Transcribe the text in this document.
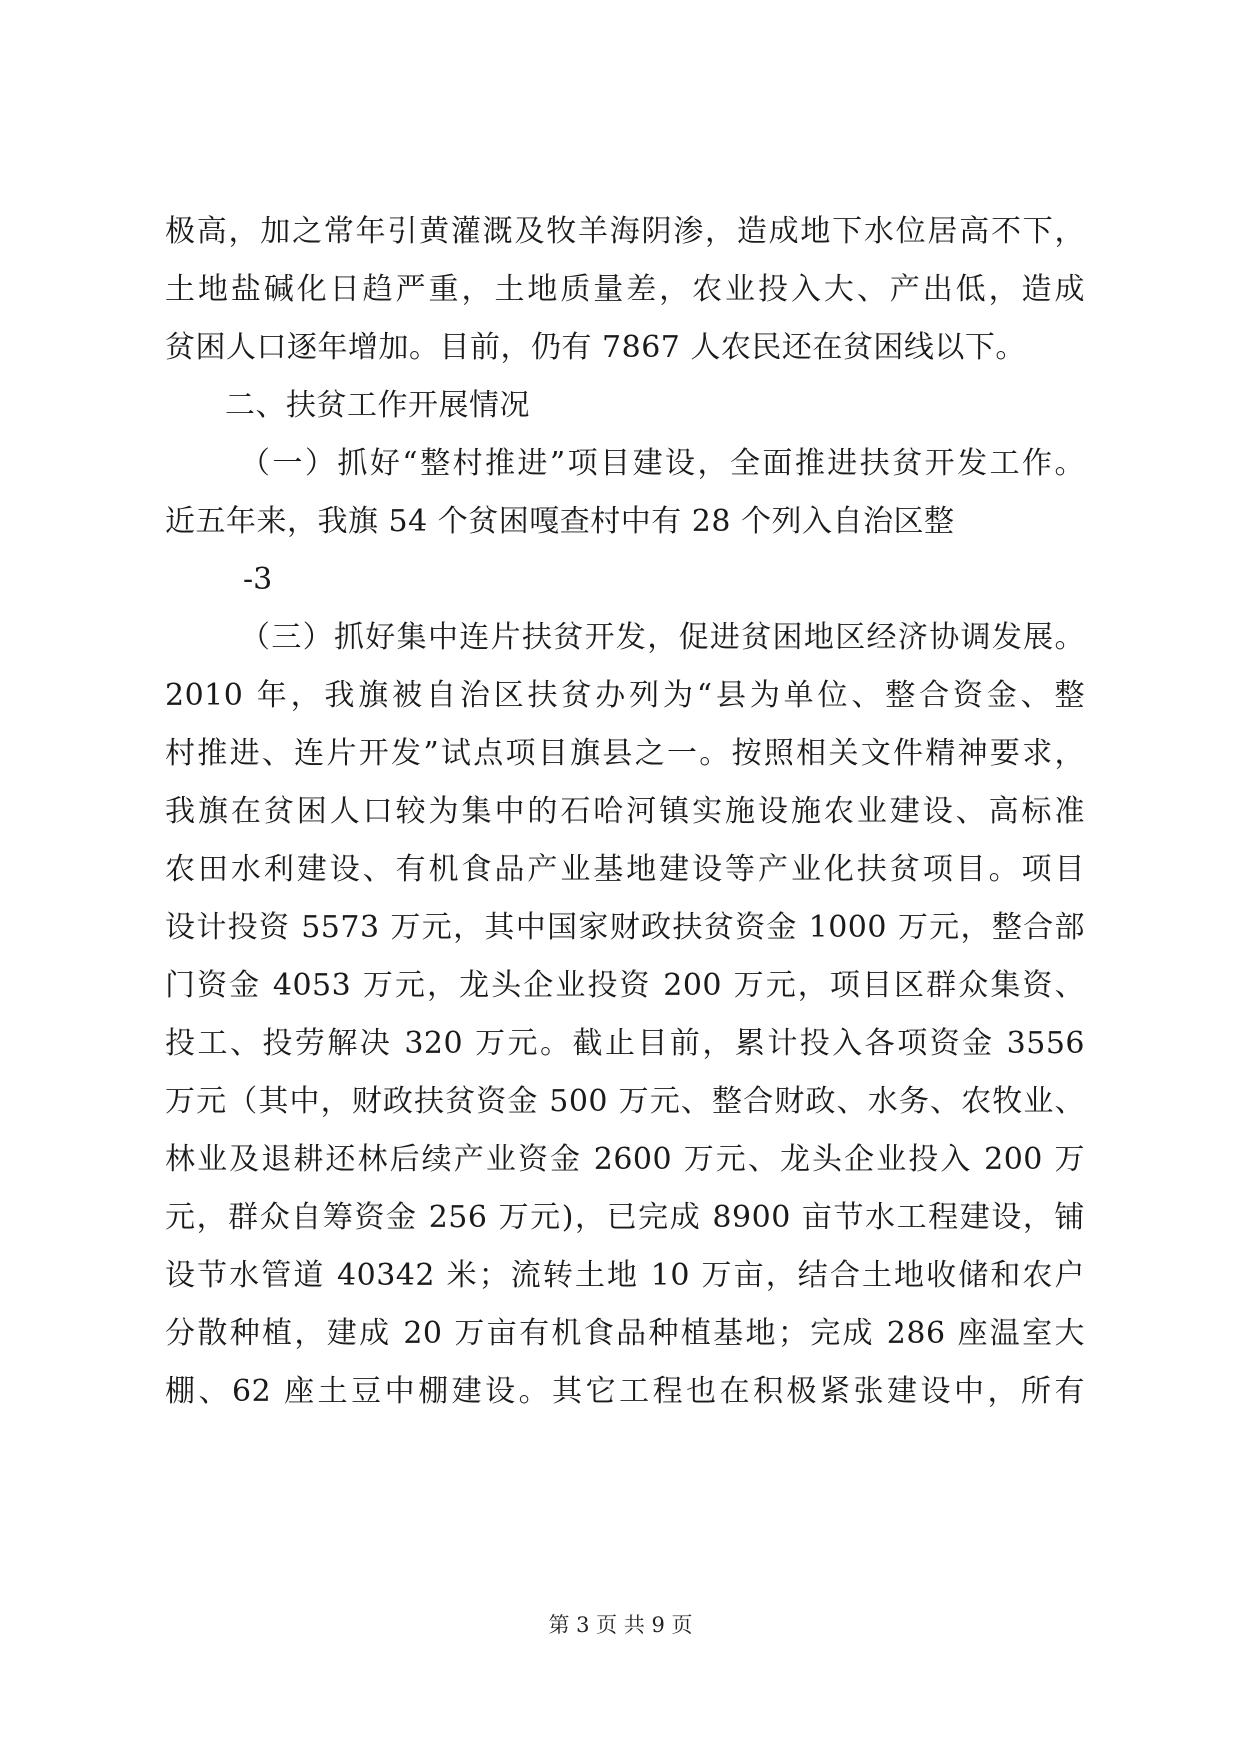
极高，加之常年引黄灌溉及牧羊海阴渗，造成地下水位居高不下，
土地盐碱化日趋严重，土地质量差，农业投入大、产出低，造成
贫困人口逐年增加。目前，仍有 7867 人农民还在贫困线以下。
二、扶贫工作开展情况
（一）抓好“整村推进”项目建设，全面推进扶贫开发工作。
近五年来，我旗 54 个贫困嘎查村中有 28 个列入自治区整
-3
（三）抓好集中连片扶贫开发，促进贫困地区经济协调发展。
2010 年，我旗被自治区扶贫办列为“县为单位、整合资金、整
村推进、连片开发”试点项目旗县之一。按照相关文件精神要求，
我旗在贫困人口较为集中的石哈河镇实施设施农业建设、高标准
农田水利建设、有机食品产业基地建设等产业化扶贫项目。项目
设计投资 5573 万元，其中国家财政扶贫资金 1000 万元，整合部
门资金 4053 万元，龙头企业投资 200 万元，项目区群众集资、
投工、投劳解决 320 万元。截止目前，累计投入各项资金 3556
万元（其中，财政扶贫资金 500 万元、整合财政、水务、农牧业、
林业及退耕还林后续产业资金 2600 万元、龙头企业投入 200 万
元，群众自筹资金 256 万元)，已完成 8900 亩节水工程建设，铺
设节水管道 40342 米；流转土地 10 万亩，结合土地收储和农户
分散种植，建成 20 万亩有机食品种植基地；完成 286 座温室大
棚、62 座土豆中棚建设。其它工程也在积极紧张建设中，所有
第 3 页 共 9 页
